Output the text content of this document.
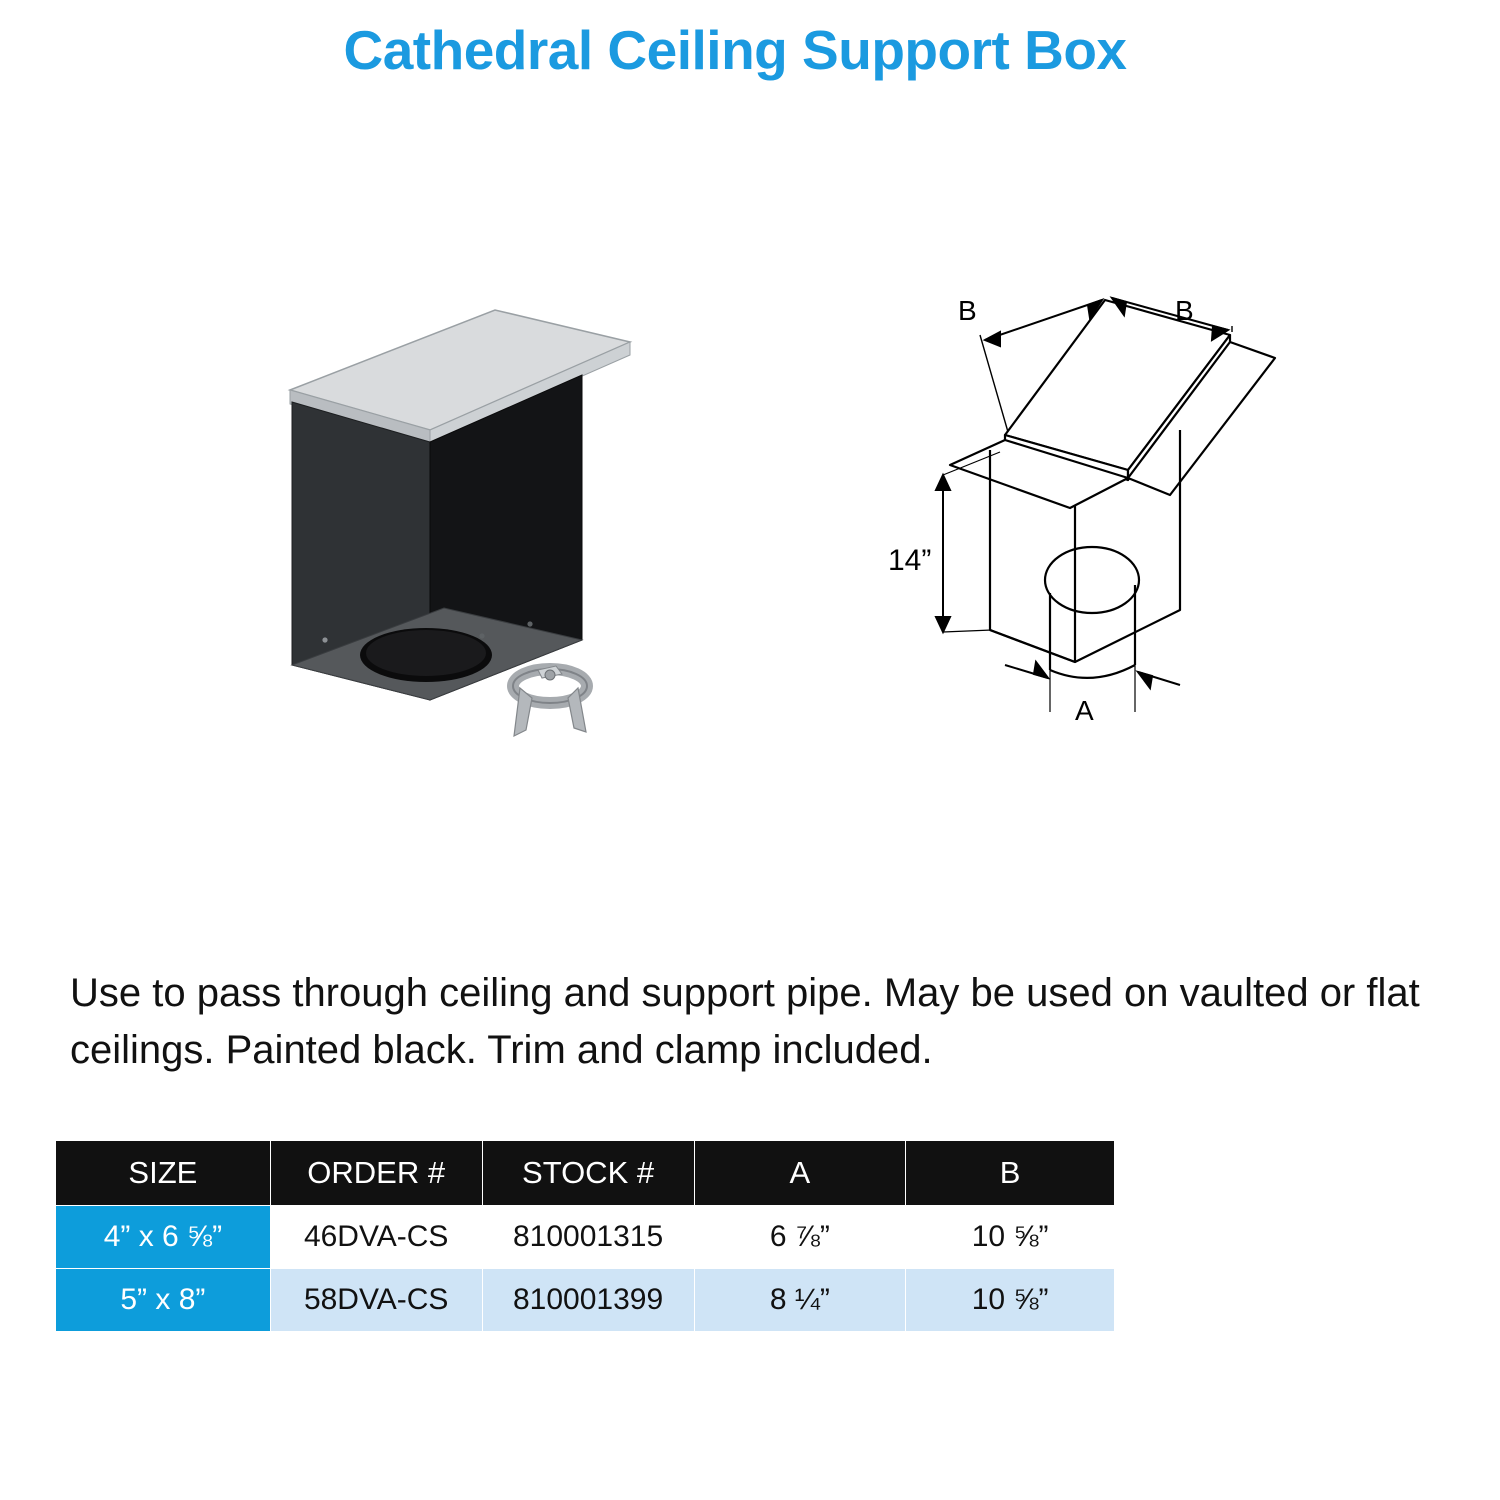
Cathedral Ceiling Support Box
B	B
14”
A
Use to pass through ceiling and support pipe. May be used on vaulted or flat ceilings. Painted black. Trim and clamp included.
SIZE	ORDER #	STOCK #	A	B
4” x 6 ⅝”	46DVA-CS	810001315	6 ⅞”	10 ⅝”
5” x 8”	58DVA-CS	810001399	8 ¼”	10 ⅝”
